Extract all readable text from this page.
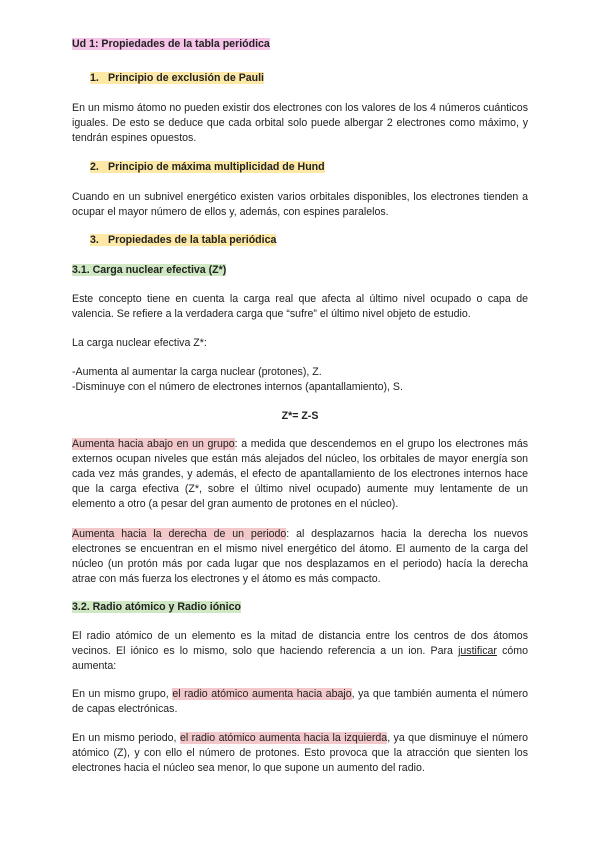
Ud 1: Propiedades de la tabla periódica
1. Principio de exclusión de Pauli
En un mismo átomo no pueden existir dos electrones con los valores de los 4 números cuánticos iguales. De esto se deduce que cada orbital solo puede albergar 2 electrones como máximo, y tendrán espines opuestos.
2. Principio de máxima multiplicidad de Hund
Cuando en un subnivel energético existen varios orbitales disponibles, los electrones tienden a ocupar el mayor número de ellos y, además, con espines paralelos.
3. Propiedades de la tabla periódica
3.1. Carga nuclear efectiva (Z*)
Este concepto tiene en cuenta la carga real que afecta al último nivel ocupado o capa de valencia. Se refiere a la verdadera carga que “sufre” el último nivel objeto de estudio.
La carga nuclear efectiva Z*:
-Aumenta al aumentar la carga nuclear (protones), Z.
-Disminuye con el número de electrones internos (apantallamiento), S.
Z*= Z-S
Aumenta hacia abajo en un grupo: a medida que descendemos en el grupo los electrones más externos ocupan niveles que están más alejados del núcleo, los orbitales de mayor energía son cada vez más grandes, y además, el efecto de apantallamiento de los electrones internos hace que la carga efectiva (Z*, sobre el último nivel ocupado) aumente muy lentamente de un elemento a otro (a pesar del gran aumento de protones en el núcleo).
Aumenta hacia la derecha de un periodo: al desplazarnos hacia la derecha los nuevos electrones se encuentran en el mismo nivel energético del átomo. El aumento de la carga del núcleo (un protón más por cada lugar que nos desplazamos en el periodo) hacía la derecha atrae con más fuerza los electrones y el átomo es más compacto.
3.2. Radio atómico y Radio iónico
El radio atómico de un elemento es la mitad de distancia entre los centros de dos átomos vecinos. El iónico es lo mismo, solo que haciendo referencia a un ion. Para justificar cómo aumenta:
En un mismo grupo, el radio atómico aumenta hacia abajo, ya que también aumenta el número de capas electrónicas.
En un mismo periodo, el radio atómico aumenta hacia la izquierda, ya que disminuye el número atómico (Z), y con ello el número de protones. Esto provoca que la atracción que sienten los electrones hacia el núcleo sea menor, lo que supone un aumento del radio.
